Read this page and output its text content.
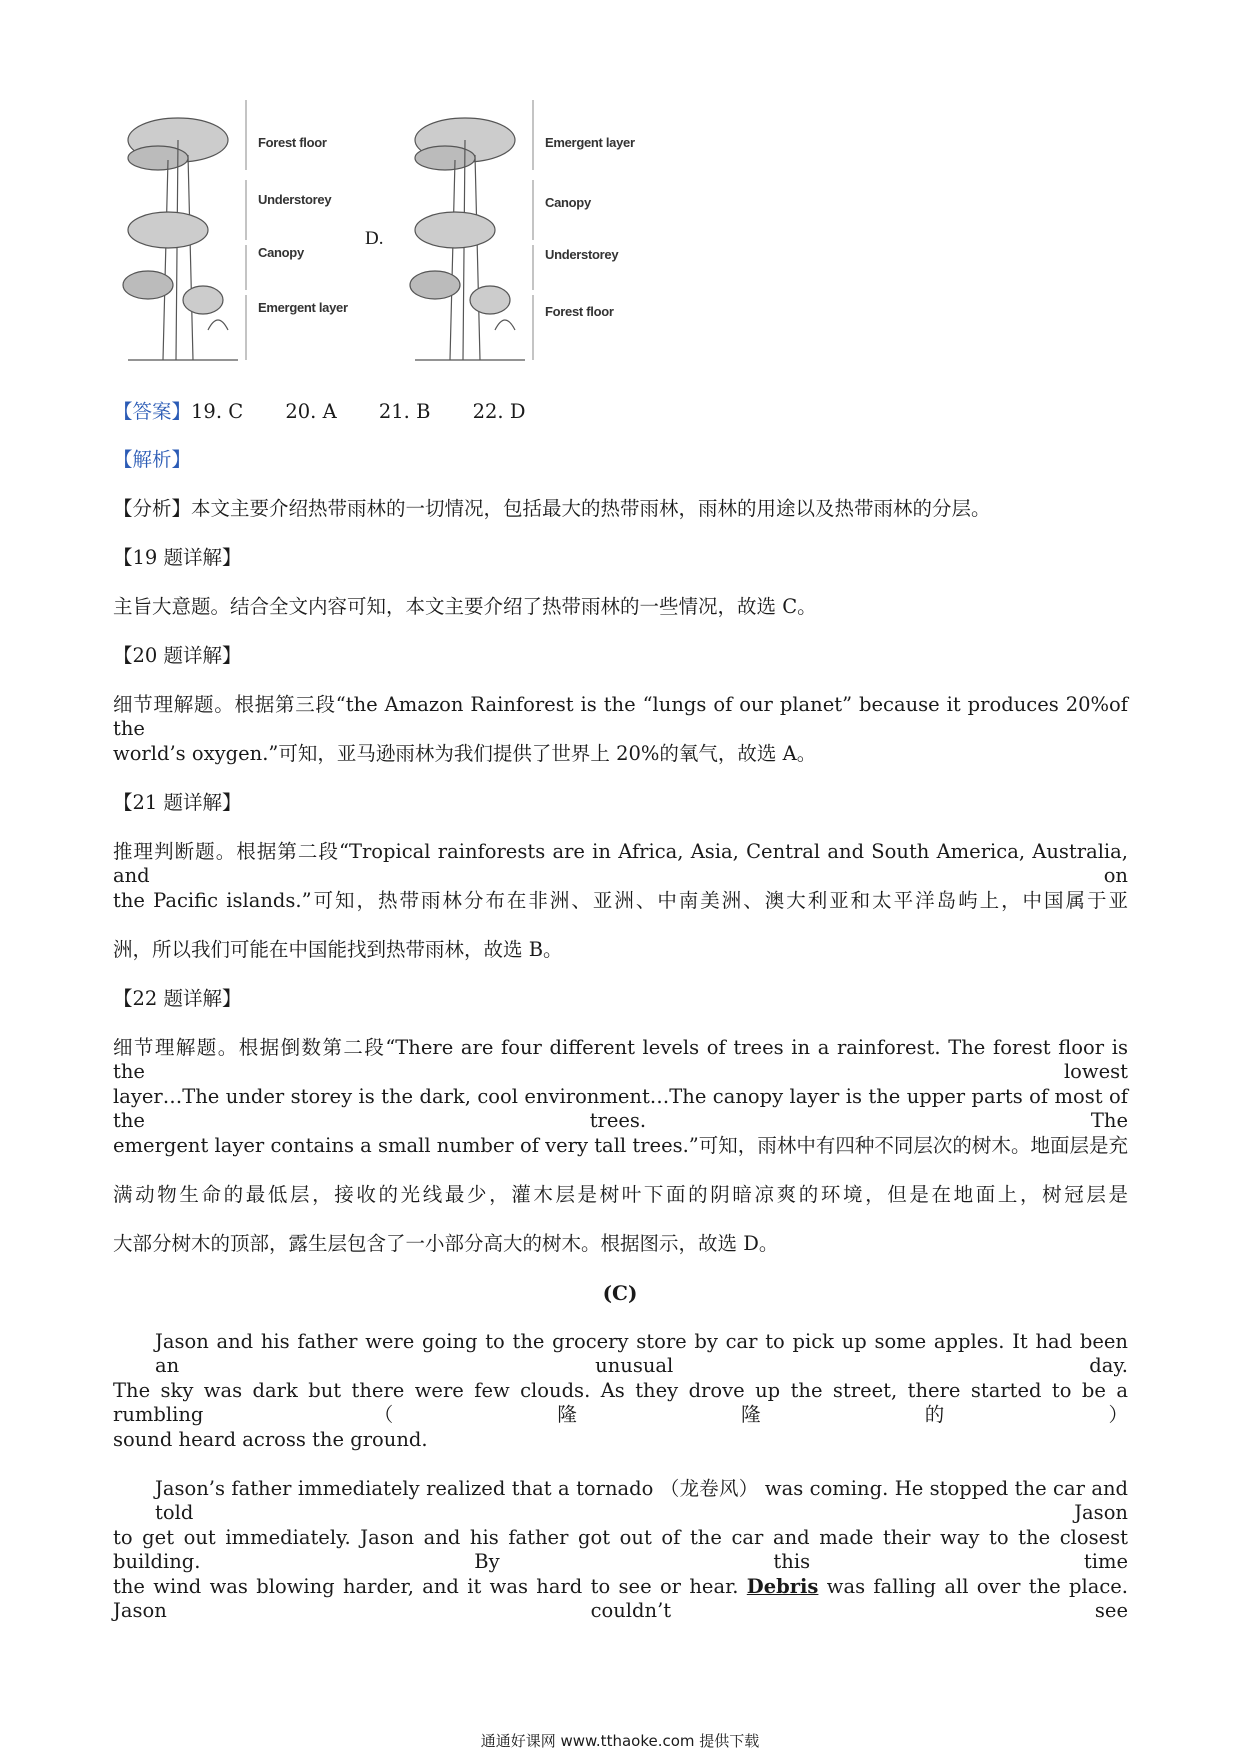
Forest floor
Understorey
Canopy
Emergent layer
D.
Emergent layer
Canopy
Understorey
Forest floor
【答案】19. C 20. A 21. B 22. D
【解析】
【分析】本文主要介绍热带雨林的一切情况，包括最大的热带雨林，雨林的用途以及热带雨林的分层。
【19 题详解】
主旨大意题。结合全文内容可知，本文主要介绍了热带雨林的一些情况，故选 C。
【20 题详解】
细节理解题。根据第三段“the Amazon Rainforest is the “lungs of our planet” because it produces 20%of the
world’s oxygen.”可知，亚马逊雨林为我们提供了世界上 20%的氧气，故选 A。
【21 题详解】
推理判断题。根据第二段“Tropical rainforests are in Africa, Asia, Central and South America, Australia, and on
the Pacific islands.”可知，热带雨林分布在非洲、亚洲、中南美洲、澳大利亚和太平洋岛屿上，中国属于亚
洲，所以我们可能在中国能找到热带雨林，故选 B。
【22 题详解】
细节理解题。根据倒数第二段“There are four different levels of trees in a rainforest. The forest floor is the lowest
layer…The under storey is the dark, cool environment…The canopy layer is the upper parts of most of the trees. The
emergent layer contains a small number of very tall trees.”可知，雨林中有四种不同层次的树木。地面层是充
满动物生命的最低层，接收的光线最少，灌木层是树叶下面的阴暗凉爽的环境，但是在地面上，树冠层是
大部分树木的顶部，露生层包含了一小部分高大的树木。根据图示，故选 D。
(C)
Jason and his father were going to the grocery store by car to pick up some apples. It had been an unusual day.
The sky was dark but there were few clouds. As they drove up the street, there started to be a rumbling （隆隆的）
sound heard across the ground.
Jason’s father immediately realized that a tornado （龙卷风） was coming. He stopped the car and told Jason
to get out immediately. Jason and his father got out of the car and made their way to the closest building. By this time
the wind was blowing harder, and it was hard to see or hear. Debris was falling all over the place. Jason couldn’t see
通通好课网 www.tthaoke.com 提供下载
